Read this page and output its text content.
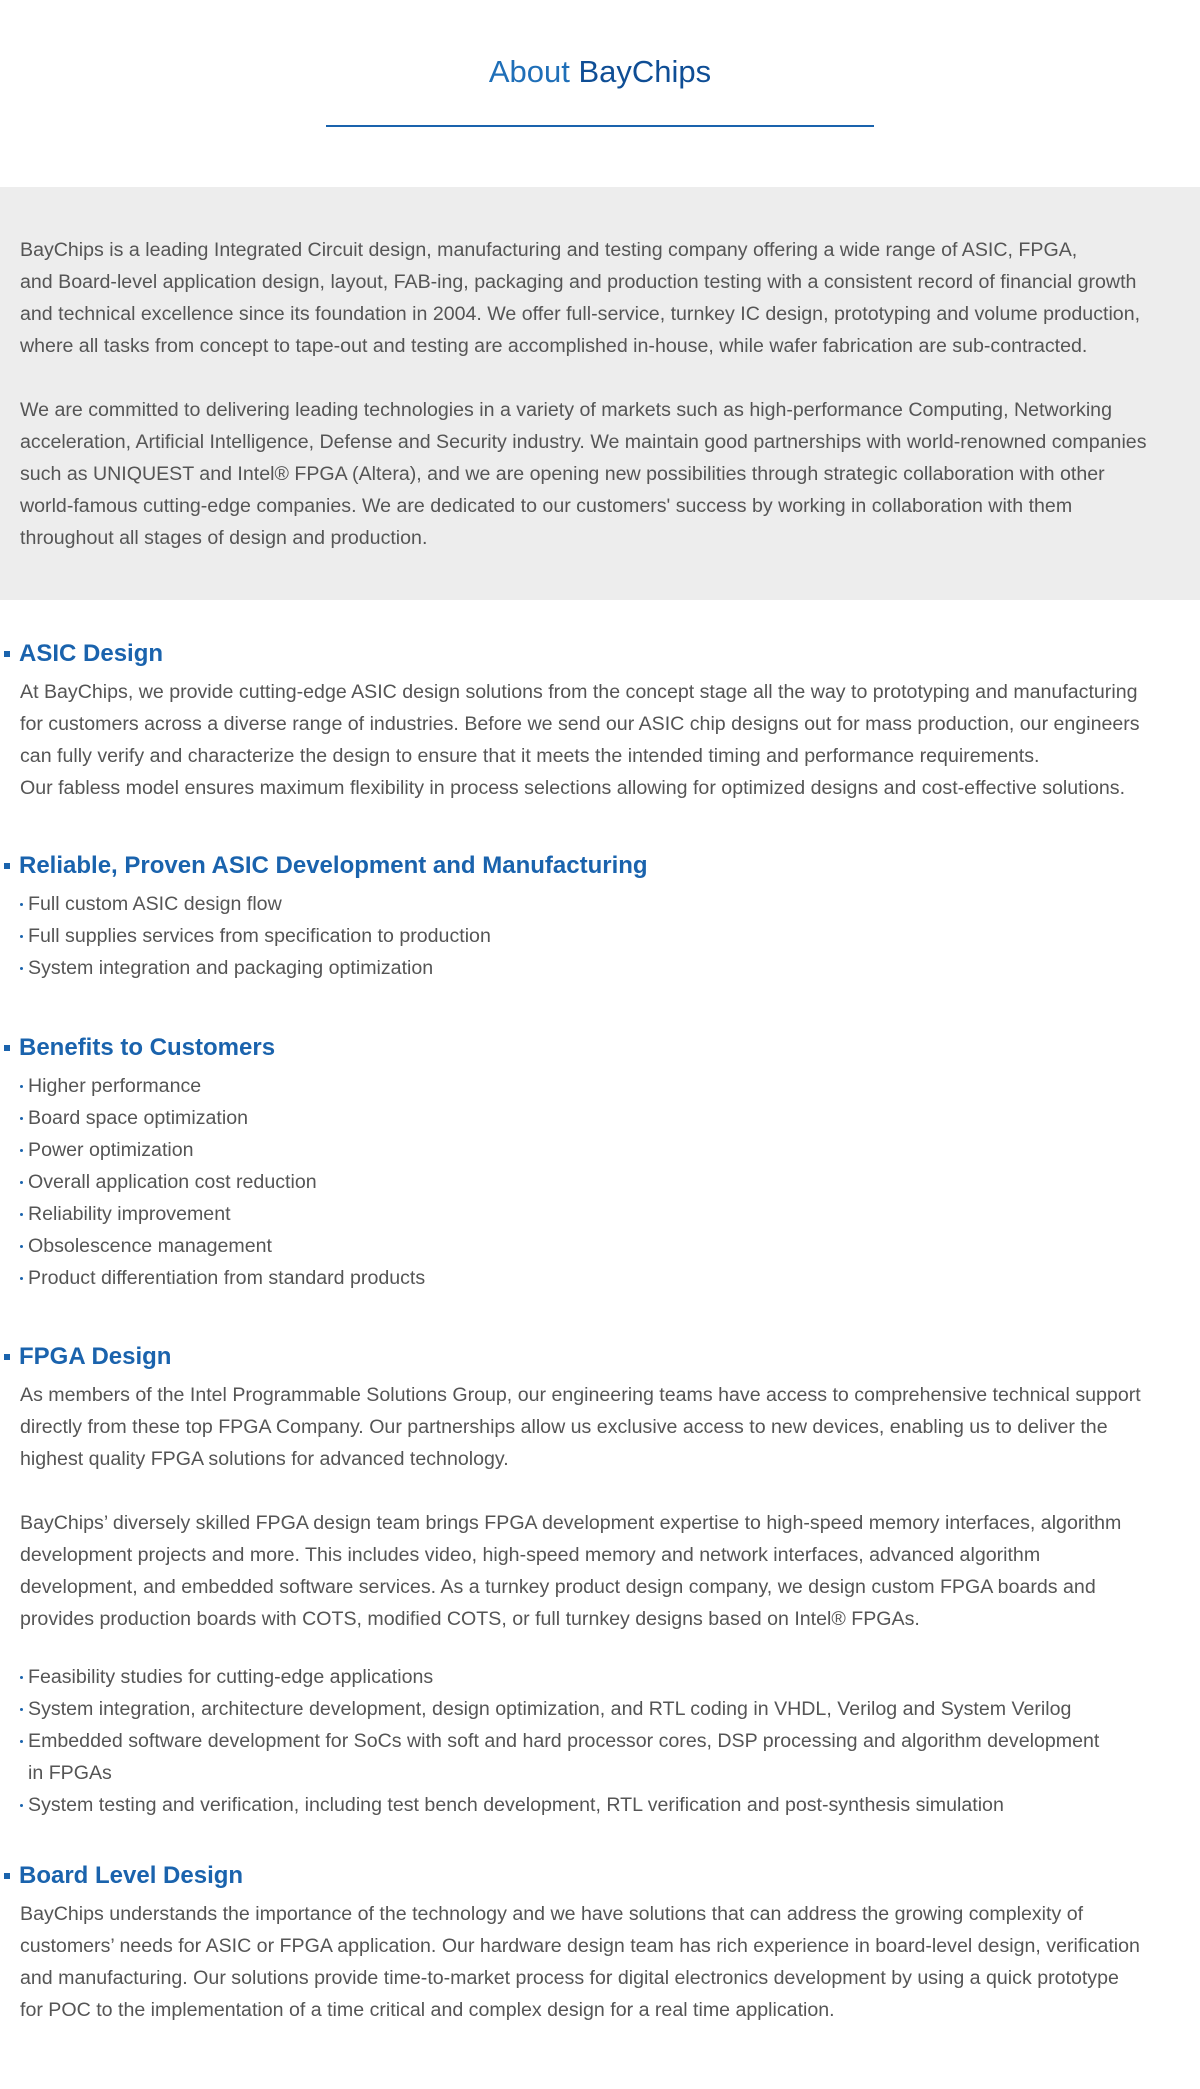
About BayChips

BayChips is a leading Integrated Circuit design, manufacturing and testing company offering a wide range of ASIC, FPGA,
and Board-level application design, layout, FAB-ing, packaging and production testing with a consistent record of financial growth
and technical excellence since its foundation in 2004. We offer full-service, turnkey IC design, prototyping and volume production,
where all tasks from concept to tape-out and testing are accomplished in-house, while wafer fabrication are sub-contracted.

We are committed to delivering leading technologies in a variety of markets such as high-performance Computing, Networking
acceleration, Artificial Intelligence, Defense and Security industry. We maintain good partnerships with world-renowned companies
such as UNIQUEST and Intel® FPGA (Altera), and we are opening new possibilities through strategic collaboration with other
world-famous cutting-edge companies. We are dedicated to our customers' success by working in collaboration with them
throughout all stages of design and production.

ASIC Design

At BayChips, we provide cutting-edge ASIC design solutions from the concept stage all the way to prototyping and manufacturing
for customers across a diverse range of industries. Before we send our ASIC chip designs out for mass production, our engineers
can fully verify and characterize the design to ensure that it meets the intended timing and performance requirements.
Our fabless model ensures maximum flexibility in process selections allowing for optimized designs and cost-effective solutions.

Reliable, Proven ASIC Development and Manufacturing
Full custom ASIC design flow
Full supplies services from specification to production
System integration and packaging optimization
Benefits to Customers
Higher performance
Board space optimization
Power optimization
Overall application cost reduction
Reliability improvement
Obsolescence management
Product differentiation from standard products
FPGA Design

As members of the Intel Programmable Solutions Group, our engineering teams have access to comprehensive technical support
directly from these top FPGA Company. Our partnerships allow us exclusive access to new devices, enabling us to deliver the
highest quality FPGA solutions for advanced technology.

BayChips’ diversely skilled FPGA design team brings FPGA development expertise to high-speed memory interfaces, algorithm
development projects and more. This includes video, high-speed memory and network interfaces, advanced algorithm
development, and embedded software services. As a turnkey product design company, we design custom FPGA boards and
provides production boards with COTS, modified COTS, or full turnkey designs based on Intel® FPGAs.

Feasibility studies for cutting-edge applications
System integration, architecture development, design optimization, and RTL coding in VHDL, Verilog and System Verilog
Embedded software development for SoCs with soft and hard processor cores, DSP processing and algorithm development
in FPGAs
System testing and verification, including test bench development, RTL verification and post-synthesis simulation
Board Level Design

BayChips understands the importance of the technology and we have solutions that can address the growing complexity of
customers’ needs for ASIC or FPGA application. Our hardware design team has rich experience in board-level design, verification
and manufacturing. Our solutions provide time-to-market process for digital electronics development by using a quick prototype
for POC to the implementation of a time critical and complex design for a real time application.
